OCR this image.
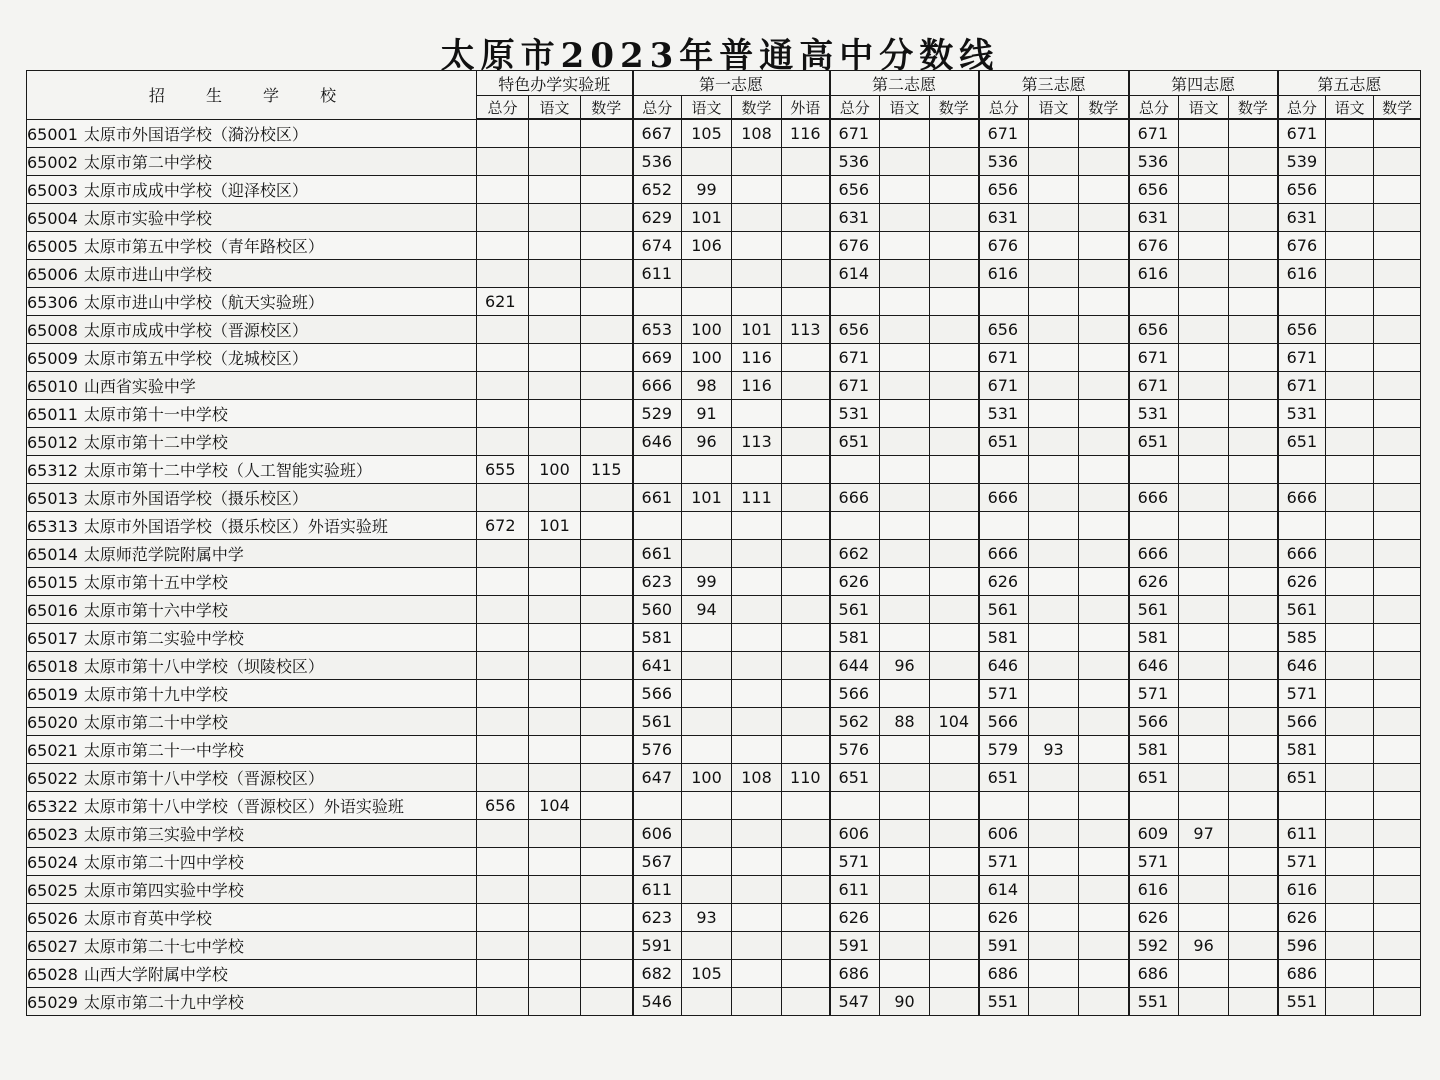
太原市2023年普通高中分数线
招 生 学 校	特色办学实验班			第一志愿				第二志愿			第三志愿			第四志愿			第五志愿		
	总分	语文	数学	总分	语文	数学	外语	总分	语文	数学	总分	语文	数学	总分	语文	数学	总分	语文	数学
65001 太原市外国语学校（漪汾校区）				667	105	108	116	671			671			671			671		
65002 太原市第二中学校				536				536			536			536			539		
65003 太原市成成中学校（迎泽校区）				652	99			656			656			656			656		
65004 太原市实验中学校				629	101			631			631			631			631		
65005 太原市第五中学校（青年路校区）				674	106			676			676			676			676		
65006 太原市进山中学校				611				614			616			616			616		
65306 太原市进山中学校（航天实验班）	621																		
65008 太原市成成中学校（晋源校区）				653	100	101	113	656			656			656			656		
65009 太原市第五中学校（龙城校区）				669	100	116		671			671			671			671		
65010 山西省实验中学				666	98	116		671			671			671			671		
65011 太原市第十一中学校				529	91			531			531			531			531		
65012 太原市第十二中学校				646	96	113		651			651			651			651		
65312 太原市第十二中学校（人工智能实验班）	655	100	115																
65013 太原市外国语学校（摄乐校区）				661	101	111		666			666			666			666		
65313 太原市外国语学校（摄乐校区）外语实验班	672	101																	
65014 太原师范学院附属中学				661				662			666			666			666		
65015 太原市第十五中学校				623	99			626			626			626			626		
65016 太原市第十六中学校				560	94			561			561			561			561		
65017 太原市第二实验中学校				581				581			581			581			585		
65018 太原市第十八中学校（坝陵校区）				641				644	96		646			646			646		
65019 太原市第十九中学校				566				566			571			571			571		
65020 太原市第二十中学校				561				562	88	104	566			566			566		
65021 太原市第二十一中学校				576				576			579	93		581			581		
65022 太原市第十八中学校（晋源校区）				647	100	108	110	651			651			651			651		
65322 太原市第十八中学校（晋源校区）外语实验班	656	104																	
65023 太原市第三实验中学校				606				606			606			609	97		611		
65024 太原市第二十四中学校				567				571			571			571			571		
65025 太原市第四实验中学校				611				611			614			616			616		
65026 太原市育英中学校				623	93			626			626			626			626		
65027 太原市第二十七中学校				591				591			591			592	96		596		
65028 山西大学附属中学校				682	105			686			686			686			686		
65029 太原市第二十九中学校				546				547	90		551			551			551		
